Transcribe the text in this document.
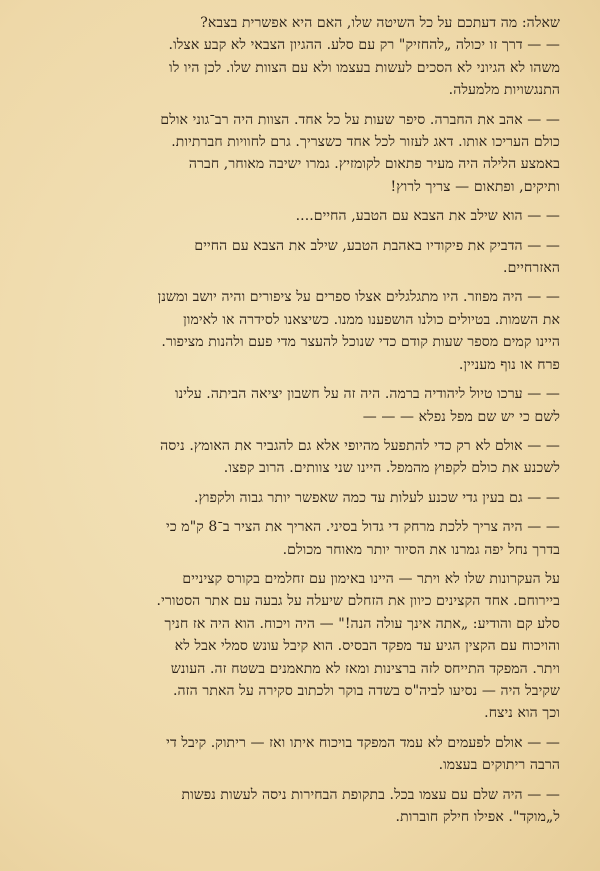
שאלה: מה דעתכם על כל השיטה שלו, האם היא אפשרית בצבא?
— — דרך זו יכולה „להחזיק" רק עם סלע. ההגיון הצבאי לא קבע אצלו.
משהו לא הגיוני לא הסכים לעשות בעצמו ולא עם הצוות שלו. לכן היו לו
התנגשויות מלמעלה.
— — אהב את החברה. סיפר שעות על כל אחד. הצוות היה רב־גוני אולם
כולם העריכו אותו. דאג לעזור לכל אחד כשצריך. גרם לחוויות חברתיות.
באמצע הלילה היה מעיר פתאום לקומזיץ. גמרו ישיבה מאוחר, חברה
ותיקים, ופתאום — צריך לרוץ!
— — הוא שילב את הצבא עם הטבע, החיים....
— — הדביק את פיקודיו באהבת הטבע, שילב את הצבא עם החיים
האזרחיים.
— — היה מפוזר. היו מתגלגלים אצלו ספרים על ציפורים והיה יושב ומשנן
את השמות. בטיולים כולנו הושפענו ממנו. כשיצאנו לסידרה או לאימון
היינו קמים מספר שעות קודם כדי שנוכל להעצר מדי פעם ולהנות מציפור.
פרח או נוף מעניין.
— — ערכו טיול ליהודיה ברמה. היה זה על חשבון יציאה הביתה. עלינו
לשם כי יש שם מפל נפלא — — —
— — אולם לא רק כדי להתפעל מהיופי אלא גם להגביר את האומץ. ניסה
לשכנע את כולם לקפוץ מהמפל. היינו שני צוותים. הרוב קפצו.
— — גם בעין גדי שכנע לעלות עד כמה שאפשר יותר גבוה ולקפוץ.
— — היה צריך ללכת מרחק די גדול בסיני. האריך את הציר ב־8 ק"מ כי
בדרך נחל יפה גמרנו את הסיור יותר מאוחר מכולם.
על העקרונות שלו לא ויתר — היינו באימון עם זחלמים בקורס קציניים
ביירוחם. אחד הקצינים כיוון את הזחלם שיעלה על גבעה עם אתר הסטורי.
סלע קם והודיע: „אתה אינך עולה הנה!" — היה ויכוח. הוא היה אז חניך
והויכוח עם הקצין הגיע עד מפקד הבסיס. הוא קיבל עונש סמלי אבל לא
ויתר. המפקד התייחס לזה ברצינות ומאז לא מתאמנים בשטח זה. העונש
שקיבל היה — נסיעו לביה"ס בשדה בוקר ולכתוב סקירה על האתר הזה.
וכך הוא ניצח.
— — אולם לפעמים לא עמד המפקד בויכוח איתו ואז — ריתוק. קיבל די
הרבה ריתוקים בעצמו.
— — היה שלם עם עצמו בכל. בתקופת הבחירות ניסה לעשות נפשות
ל„מוקד". אפילו חילק חוברות.
